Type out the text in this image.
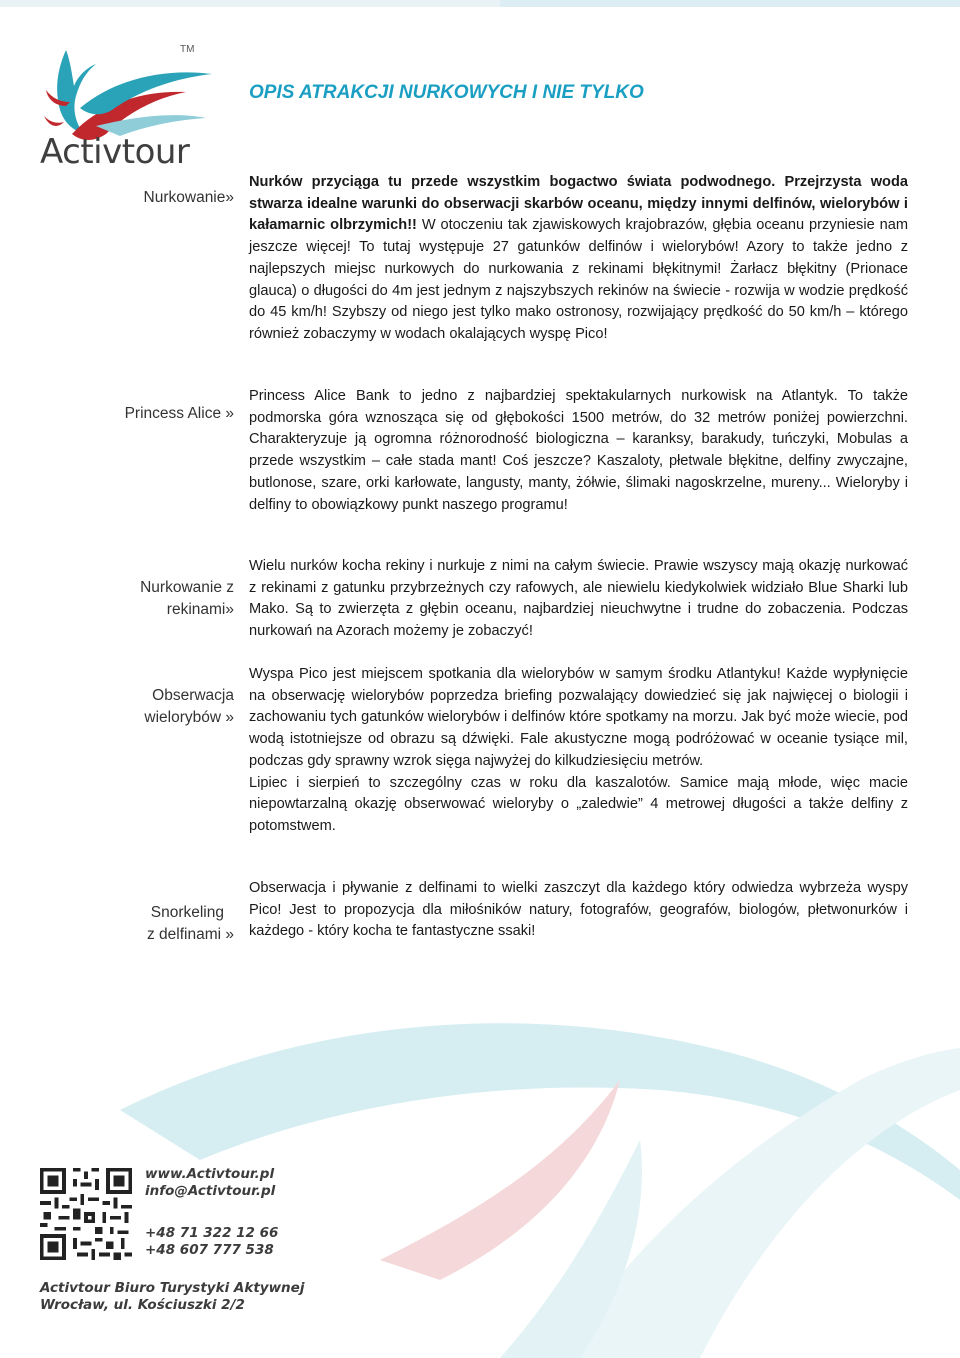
TM
Activtour
OPIS ATRAKCJI NURKOWYCH I NIE TYLKO
Nurkowanie»
Princess Alice »
Nurkowanie z
rekinami»
Obserwacja
wielorybów »
Snorkeling
z delfinami »

Nurków przyciąga tu przede wszystkim bogactwo świata podwodnego. Przejrzysta woda stwarza idealne warunki do obserwacji skarbów oceanu, między innymi delfinów, wielorybów i kałamarnic olbrzymich!! W otoczeniu tak zjawiskowych krajobrazów, głębia oceanu przyniesie nam jeszcze więcej! To tutaj występuje 27 gatunków delfinów i wielorybów! Azory to także jedno z najlepszych miejsc nurkowych do nurkowania z rekinami błękitnymi! Żarłacz błękitny (Prionace glauca) o długości do 4m jest jednym z najszybszych rekinów na świecie - rozwija w wodzie prędkość do 45 km/h! Szybszy od niego jest tylko mako ostronosy, rozwijający prędkość do 50 km/h – którego również zobaczymy w wodach okalających wyspę Pico!

Princess Alice Bank to jedno z najbardziej spektakularnych nurkowisk na Atlantyk. To także podmorska góra wznosząca się od głębokości 1500 metrów, do 32 metrów poniżej powierzchni. Charakteryzuje ją ogromna różnorodność biologiczna – karanksy, barakudy, tuńczyki, Mobulas a przede wszystkim – całe stada mant! Coś jeszcze? Kaszaloty, płetwale błękitne, delfiny zwyczajne, butlonose, szare, orki karłowate, langusty, manty, żółwie, ślimaki nagoskrzelne, mureny... Wieloryby i delfiny to obowiązkowy punkt naszego programu!

Wielu nurków kocha rekiny i nurkuje z nimi na całym świecie. Prawie wszyscy mają okazję nurkować z rekinami z gatunku przybrzeżnych czy rafowych, ale niewielu kiedykolwiek widziało Blue Sharki lub Mako. Są to zwierzęta z głębin oceanu, najbardziej nieuchwytne i trudne do zobaczenia. Podczas nurkowań na Azorach możemy je zobaczyć!

Wyspa Pico jest miejscem spotkania dla wielorybów w samym środku Atlantyku! Każde wypłynięcie na obserwację wielorybów poprzedza briefing pozwalający dowiedzieć się jak najwięcej o biologii i zachowaniu tych gatunków wielorybów i delfinów które spotkamy na morzu. Jak być może wiecie, pod wodą istotniejsze od obrazu są dźwięki. Fale akustyczne mogą podróżować w oceanie tysiące mil, podczas gdy sprawny wzrok sięga najwyżej do kilkudziesięciu metrów.
Lipiec i sierpień to szczególny czas w roku dla kaszalotów. Samice mają młode, więc macie niepowtarzalną okazję obserwować wieloryby o „zaledwie” 4 metrowej długości a także delfiny z potomstwem.

Obserwacja i pływanie z delfinami to wielki zaszczyt dla każdego który odwiedza wybrzeża wyspy Pico! Jest to propozycja dla miłośników natury, fotografów, geografów, biologów, płetwonurków i każdego - który kocha te fantastyczne ssaki!

www.Activtour.pl
info@Activtour.pl
+48 71 322 12 66
+48 607 777 538
Activtour Biuro Turystyki Aktywnej
Wrocław, ul. Kościuszki 2/2
